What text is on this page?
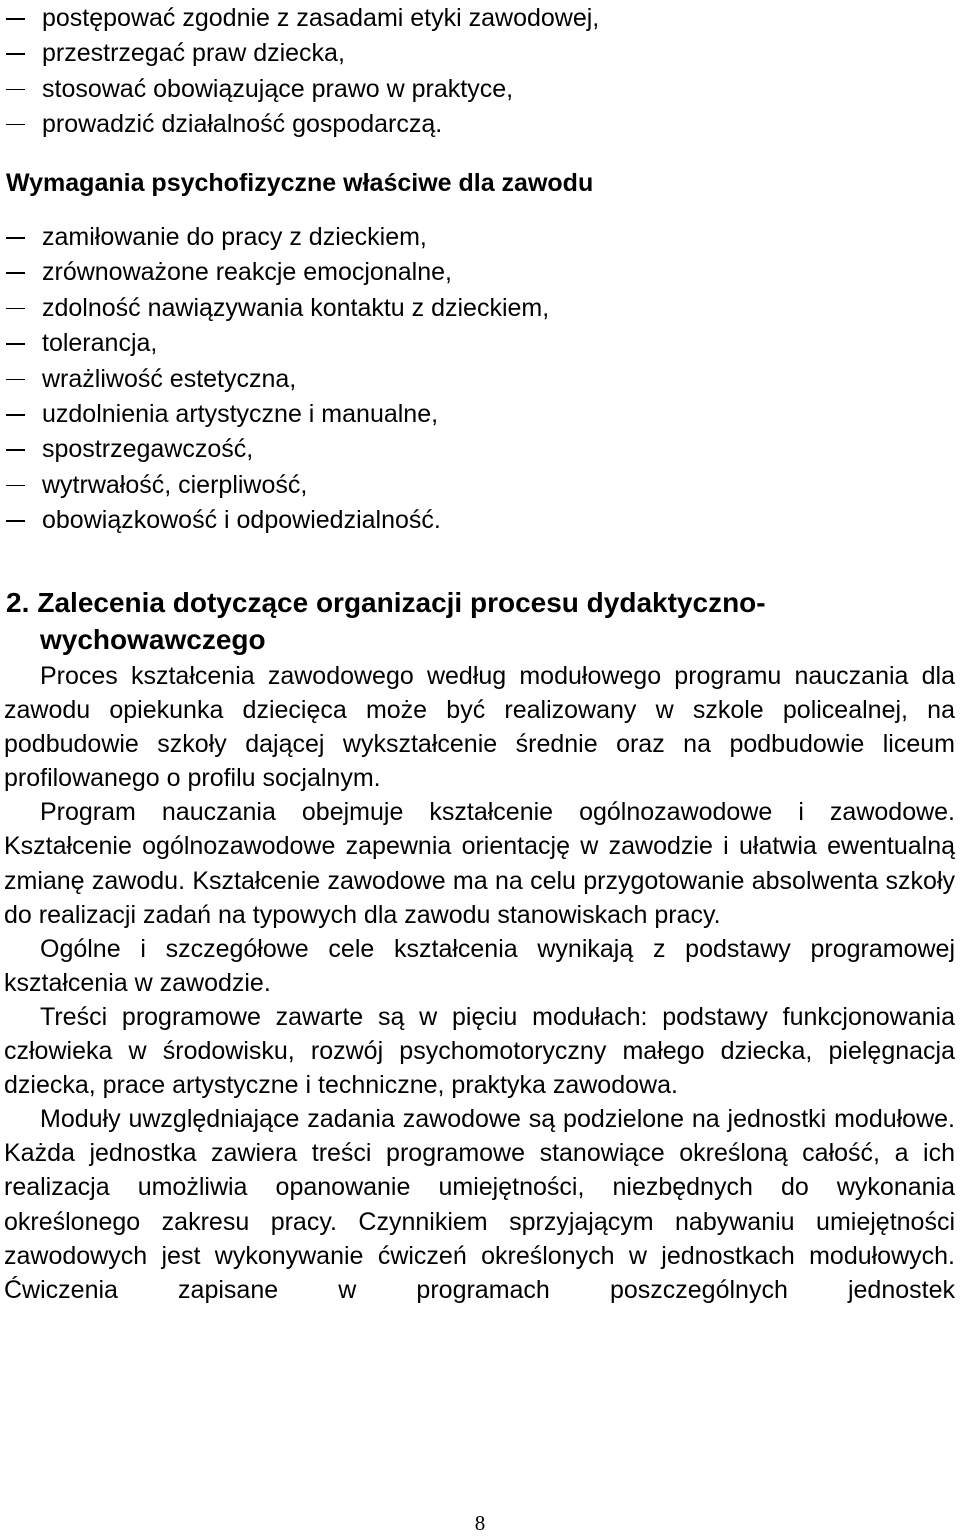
postępować zgodnie z zasadami etyki zawodowej,
przestrzegać praw dziecka,
stosować obowiązujące prawo w praktyce,
prowadzić działalność gospodarczą.
Wymagania psychofizyczne właściwe dla zawodu
zamiłowanie do pracy z dzieckiem,
zrównoważone reakcje emocjonalne,
zdolność nawiązywania kontaktu z dzieckiem,
tolerancja,
wrażliwość estetyczna,
uzdolnienia artystyczne i manualne,
spostrzegawczość,
wytrwałość, cierpliwość,
obowiązkowość i odpowiedzialność.
2. Zalecenia dotyczące organizacji procesu dydaktyczno-
wychowawczego

Proces kształcenia zawodowego według modułowego programu nauczania dla zawodu opiekunka dziecięca może być realizowany w szkole policealnej, na podbudowie szkoły dającej wykształcenie średnie oraz na podbudowie liceum profilowanego o profilu socjalnym.

Program nauczania obejmuje kształcenie ogólnozawodowe i zawodowe. Kształcenie ogólnozawodowe zapewnia orientację w zawodzie i ułatwia ewentualną zmianę zawodu. Kształcenie zawodowe ma na celu przygotowanie absolwenta szkoły do realizacji zadań na typowych dla zawodu stanowiskach pracy.

Ogólne i szczegółowe cele kształcenia wynikają z podstawy programowej kształcenia w zawodzie.

Treści programowe zawarte są w pięciu modułach: podstawy funkcjonowania człowieka w środowisku, rozwój psychomotoryczny małego dziecka, pielęgnacja dziecka, prace artystyczne i techniczne, praktyka zawodowa.

Moduły uwzględniające zadania zawodowe są podzielone na jednostki modułowe. Każda jednostka zawiera treści programowe stanowiące określoną całość, a ich realizacja umożliwia opanowanie umiejętności, niezbędnych do wykonania określonego zakresu pracy. Czynnikiem sprzyjającym nabywaniu umiejętności zawodowych jest wykonywanie ćwiczeń określonych w jednostkach modułowych. Ćwiczenia zapisane w programach poszczególnych jednostek

8
